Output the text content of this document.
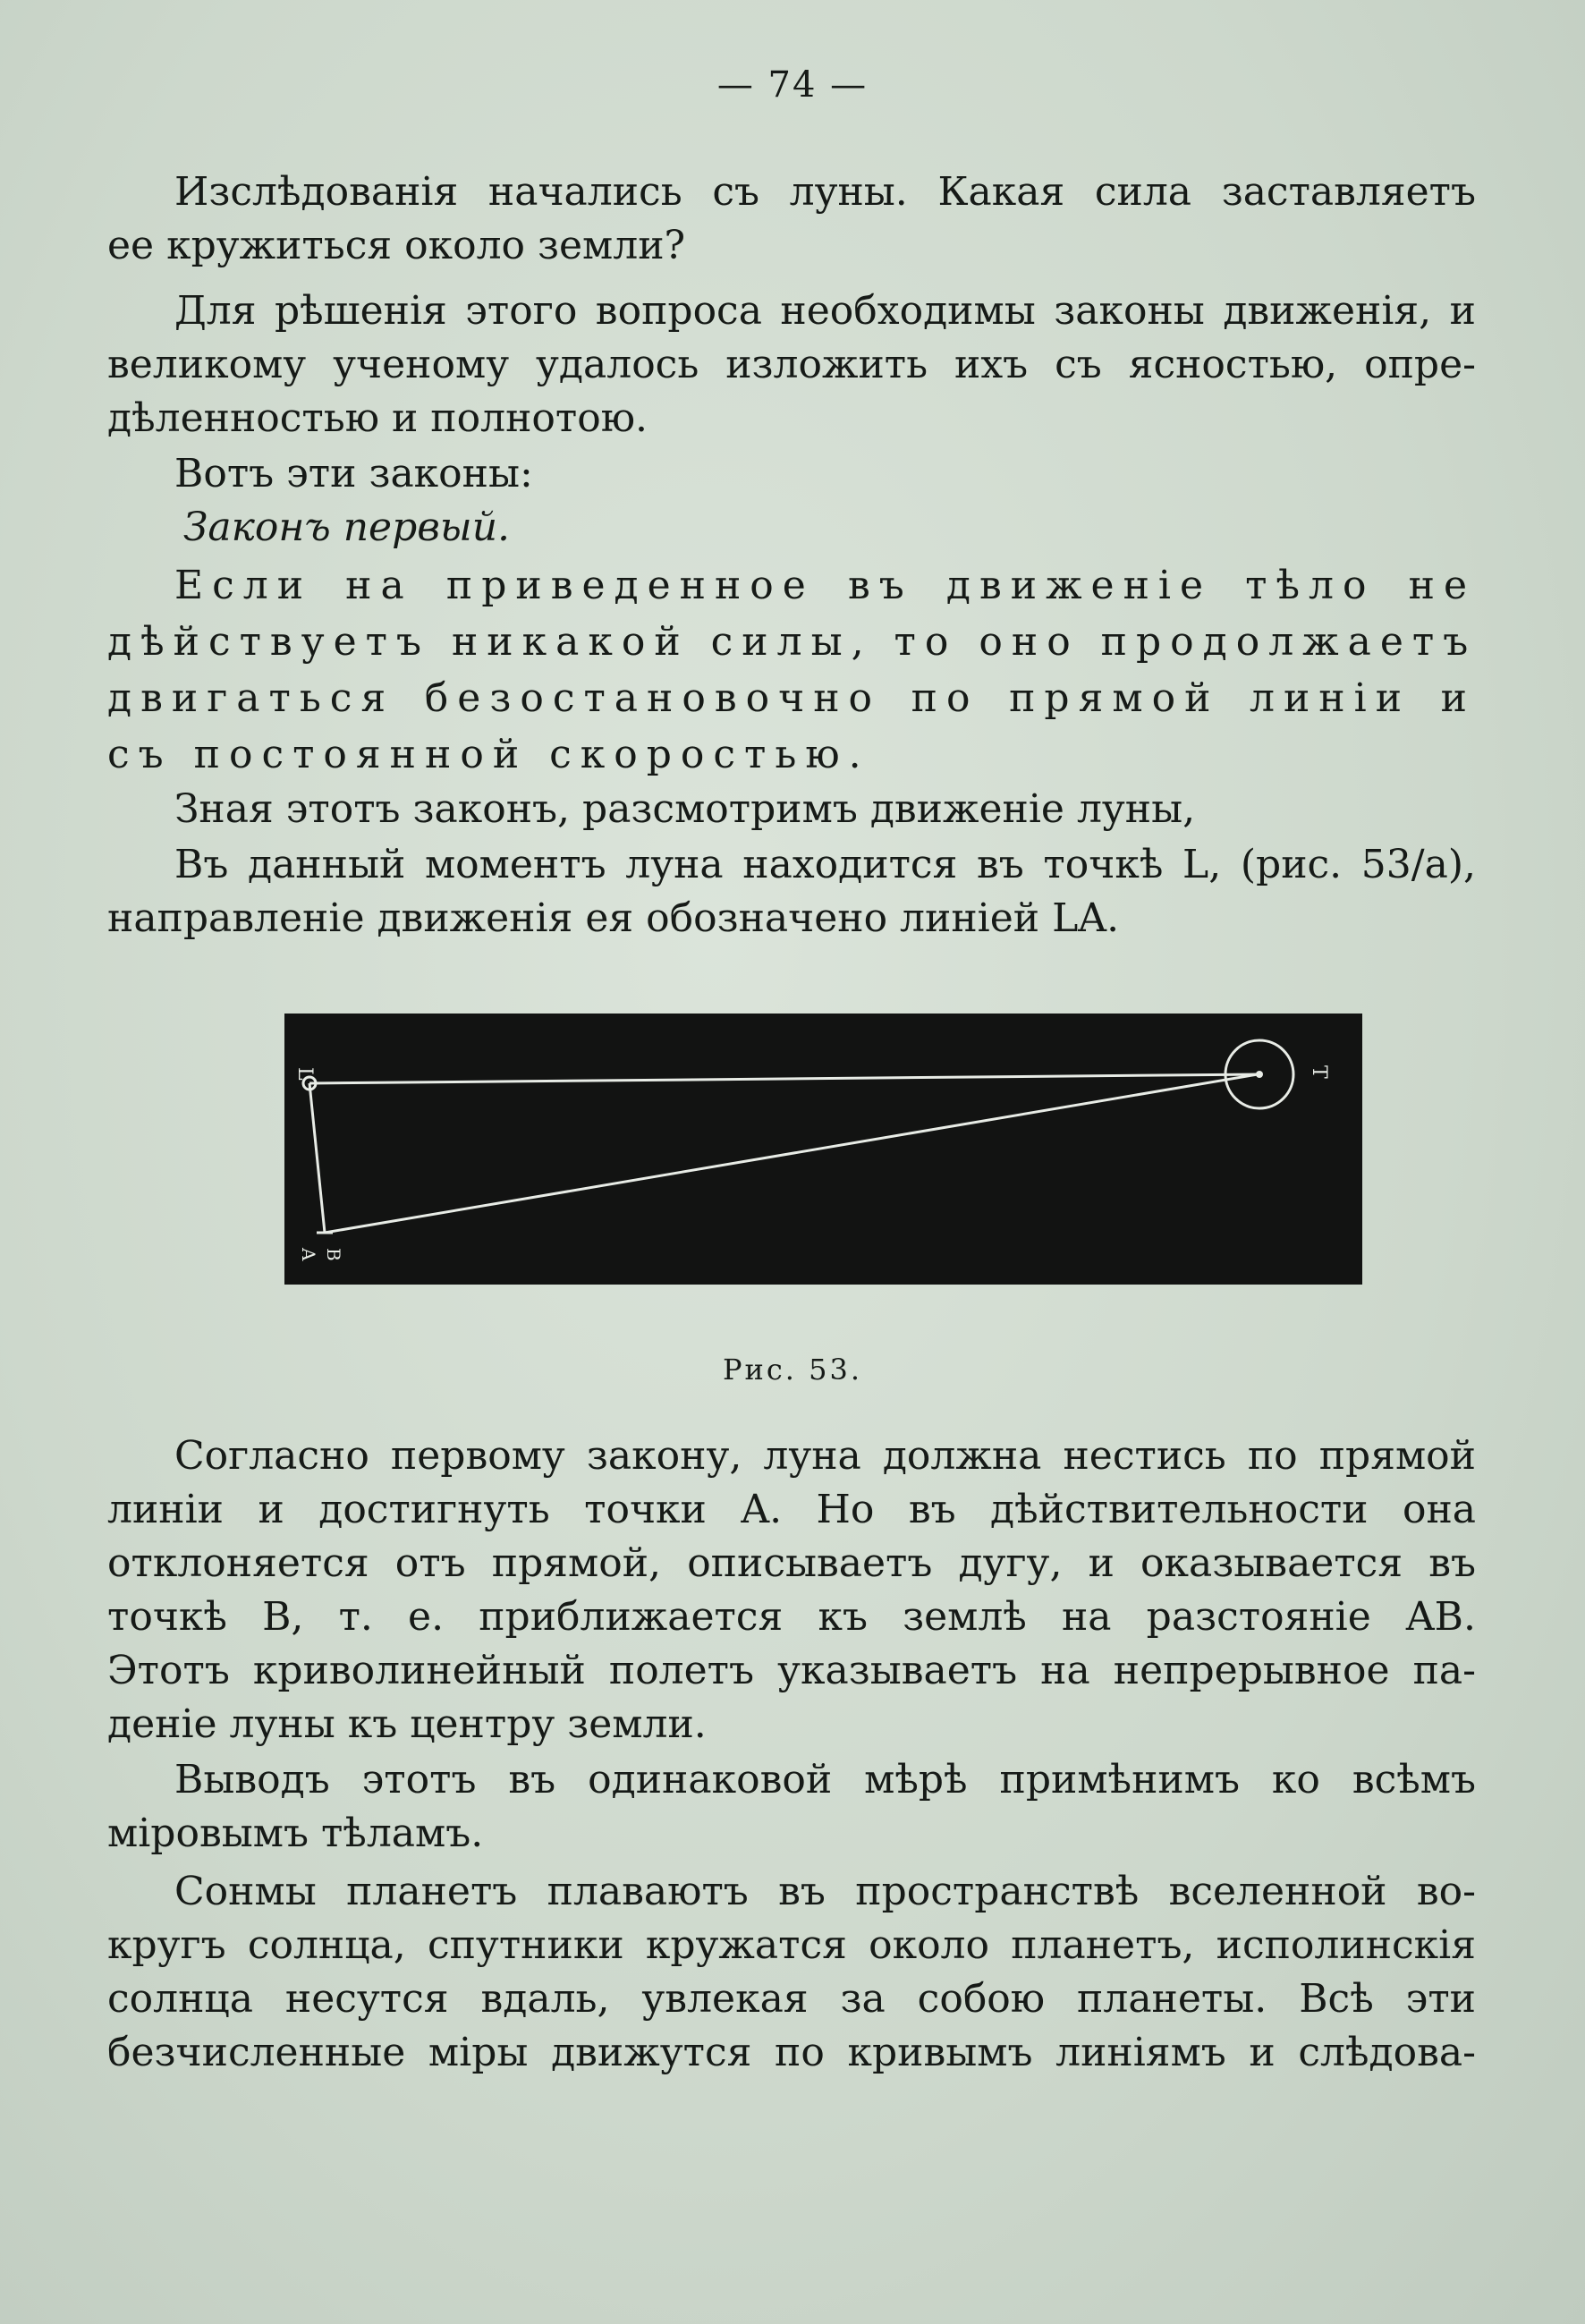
— 74 —
Изслѣдованія начались съ луны. Какая сила заставляетъ
ее кружиться около земли?
Для рѣшенія этого вопроса необходимы законы движенія, и
великому ученому удалось изложить ихъ съ ясностью, опре-
дѣленностью и полнотою.
Вотъ эти законы:
Законъ первый.
Если на приведенное въ движеніе тѣло не
дѣйствуетъ никакой силы, то оно продолжаетъ
двигаться безостановочно по прямой линіи и
съ постоянной скоростью.
Зная этотъ законъ, разсмотримъ движеніе луны,
Въ данный моментъ луна находится въ точкѣ L, (рис. 53/а),
направленіе движенія ея обозначено линіей LA.
L
A B
T
Рис. 53.
Согласно первому закону, луна должна нестись по прямой
линіи и достигнуть точки A. Но въ дѣйствительности она
отклоняется отъ прямой, описываетъ дугу, и оказывается въ
точкѣ B, т. е. приближается къ землѣ на разстояніе AB.
Этотъ криволинейный полетъ указываетъ на непрерывное па-
деніе луны къ центру земли.
Выводъ этотъ въ одинаковой мѣрѣ примѣнимъ ко всѣмъ
міровымъ тѣламъ.
Сонмы планетъ плаваютъ въ пространствѣ вселенной во-
кругъ солнца, спутники кружатся около планетъ, исполинскія
солнца несутся вдаль, увлекая за собою планеты. Всѣ эти
безчисленные міры движутся по кривымъ линіямъ и слѣдова-
